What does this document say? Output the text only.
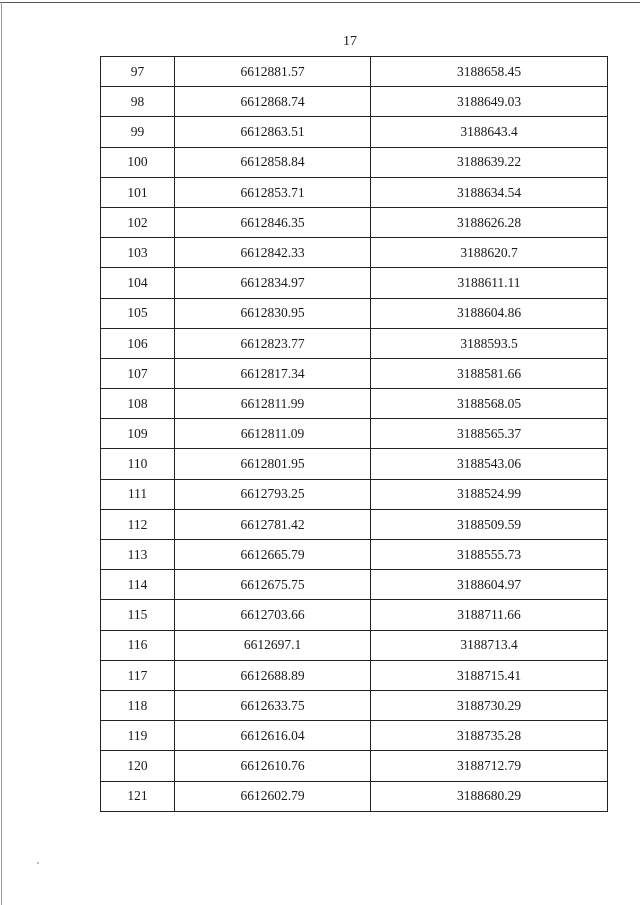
17
97	6612881.57	3188658.45
98	6612868.74	3188649.03
99	6612863.51	3188643.4
100	6612858.84	3188639.22
101	6612853.71	3188634.54
102	6612846.35	3188626.28
103	6612842.33	3188620.7
104	6612834.97	3188611.11
105	6612830.95	3188604.86
106	6612823.77	3188593.5
107	6612817.34	3188581.66
108	6612811.99	3188568.05
109	6612811.09	3188565.37
110	6612801.95	3188543.06
111	6612793.25	3188524.99
112	6612781.42	3188509.59
113	6612665.79	3188555.73
114	6612675.75	3188604.97
115	6612703.66	3188711.66
116	6612697.1	3188713.4
117	6612688.89	3188715.41
118	6612633.75	3188730.29
119	6612616.04	3188735.28
120	6612610.76	3188712.79
121	6612602.79	3188680.29
